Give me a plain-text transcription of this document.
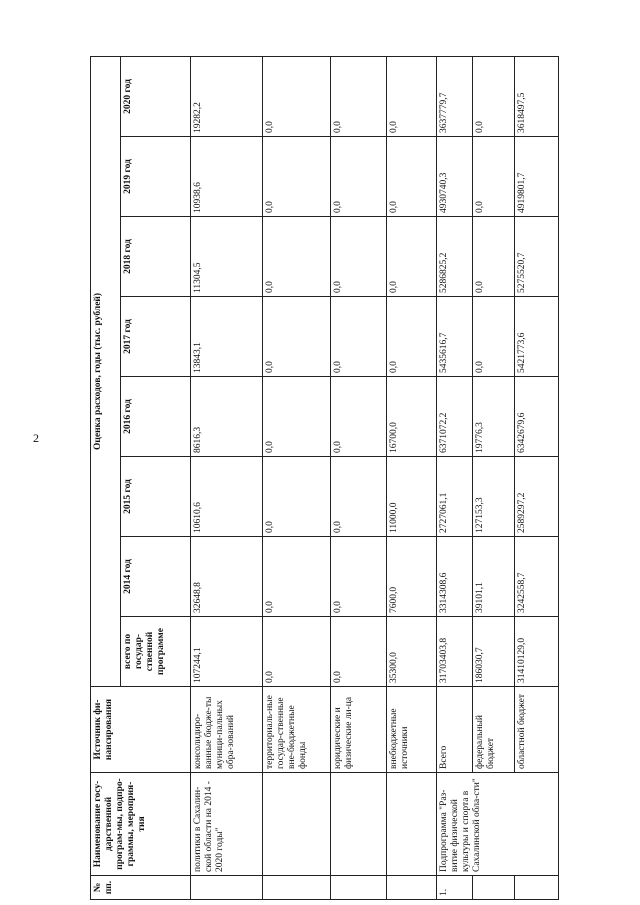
2
№ пп.	Наименование госу-дарственной програм-мы, подпро-граммы, мероприя-тия	Источник фи-нансирования	Оценка расходов, годы (тыс. рублей)							
			всего по государ-ственной программе	2014 год	2015 год	2016 год	2017 год	2018 год	2019 год	2020 год
	политики в Сахалин-ской области на 2014 - 2020 годы"	консолидиро-ванные бюдже-ты муници-пальных обра-зований	107244,1	32648,8	10610,6	8616,3	13843,1	11304,5	10938,6	19282,2
		территориаль-ные государ-ственные вне-бюджетные фонды	0,0	0,0	0,0	0,0	0,0	0,0	0,0	0,0
		юридические и физические ли-ца	0,0	0,0	0,0	0,0	0,0	0,0	0,0	0,0
		внебюджетные источники	35300,0	7600,0	11000,0	16700,0	0,0	0,0	0,0	0,0
1.	Подпрограмма "Раз-витие физической культуры и спорта в Сахалинской обла-сти"	Всего	31703403,8	3314308,6	2727061,1	6371072,2	5435616,7	5286825,2	4930740,3	3637779,7
		федеральный бюджет	186030,7	39101,1	127153,3	19776,3	0,0	0,0	0,0	0,0
		областной бюджет	31410129,0	3242558,7	2589297,2	6342679,6	5421773,6	5275520,7	4919801,7	3618497,5
